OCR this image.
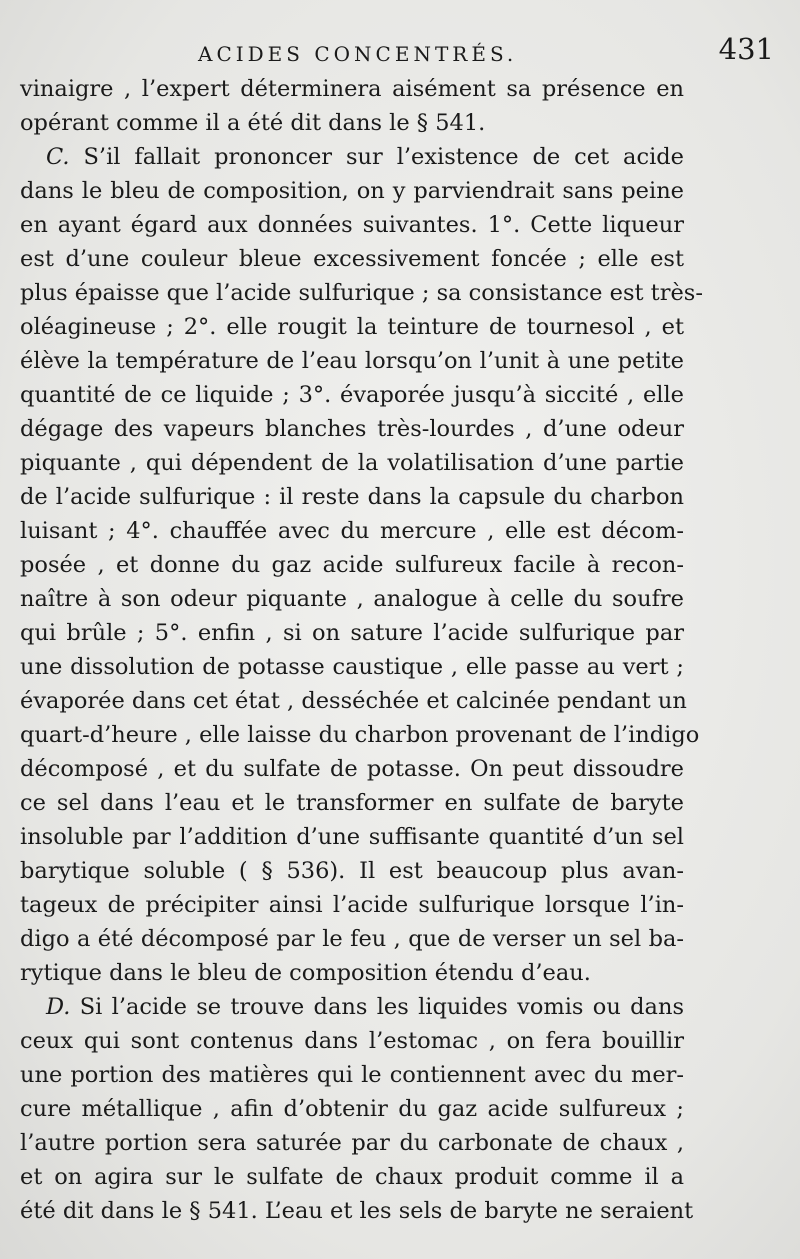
ACIDES CONCENTRÉS.	431
vinaigre , l’expert déterminera aisément sa présence en
opérant comme il a été dit dans le § 541.
C. S’il fallait prononcer sur l’existence de cet acide
dans le bleu de composition, on y parviendrait sans peine
en ayant égard aux données suivantes. 1°. Cette liqueur
est d’une couleur bleue excessivement foncée ; elle est
plus épaisse que l’acide sulfurique ; sa consistance est très-
oléagineuse ; 2°. elle rougit la teinture de tournesol , et
élève la température de l’eau lorsqu’on l’unit à une petite
quantité de ce liquide ; 3°. évaporée jusqu’à siccité , elle
dégage des vapeurs blanches très-lourdes , d’une odeur
piquante , qui dépendent de la volatilisation d’une partie
de l’acide sulfurique : il reste dans la capsule du charbon
luisant ; 4°. chauffée avec du mercure , elle est décom-
posée , et donne du gaz acide sulfureux facile à recon-
naître à son odeur piquante , analogue à celle du soufre
qui brûle ; 5°. enfin , si on sature l’acide sulfurique par
une dissolution de potasse caustique , elle passe au vert ;
évaporée dans cet état , desséchée et calcinée pendant un
quart-d’heure , elle laisse du charbon provenant de l’indigo
décomposé , et du sulfate de potasse. On peut dissoudre
ce sel dans l’eau et le transformer en sulfate de baryte
insoluble par l’addition d’une suffisante quantité d’un sel
barytique soluble ( § 536). Il est beaucoup plus avan-
tageux de précipiter ainsi l’acide sulfurique lorsque l’in-
digo a été décomposé par le feu , que de verser un sel ba-
rytique dans le bleu de composition étendu d’eau.
D. Si l’acide se trouve dans les liquides vomis ou dans
ceux qui sont contenus dans l’estomac , on fera bouillir
une portion des matières qui le contiennent avec du mer-
cure métallique , afin d’obtenir du gaz acide sulfureux ;
l’autre portion sera saturée par du carbonate de chaux ,
et on agira sur le sulfate de chaux produit comme il a
été dit dans le § 541. L’eau et les sels de baryte ne seraient
